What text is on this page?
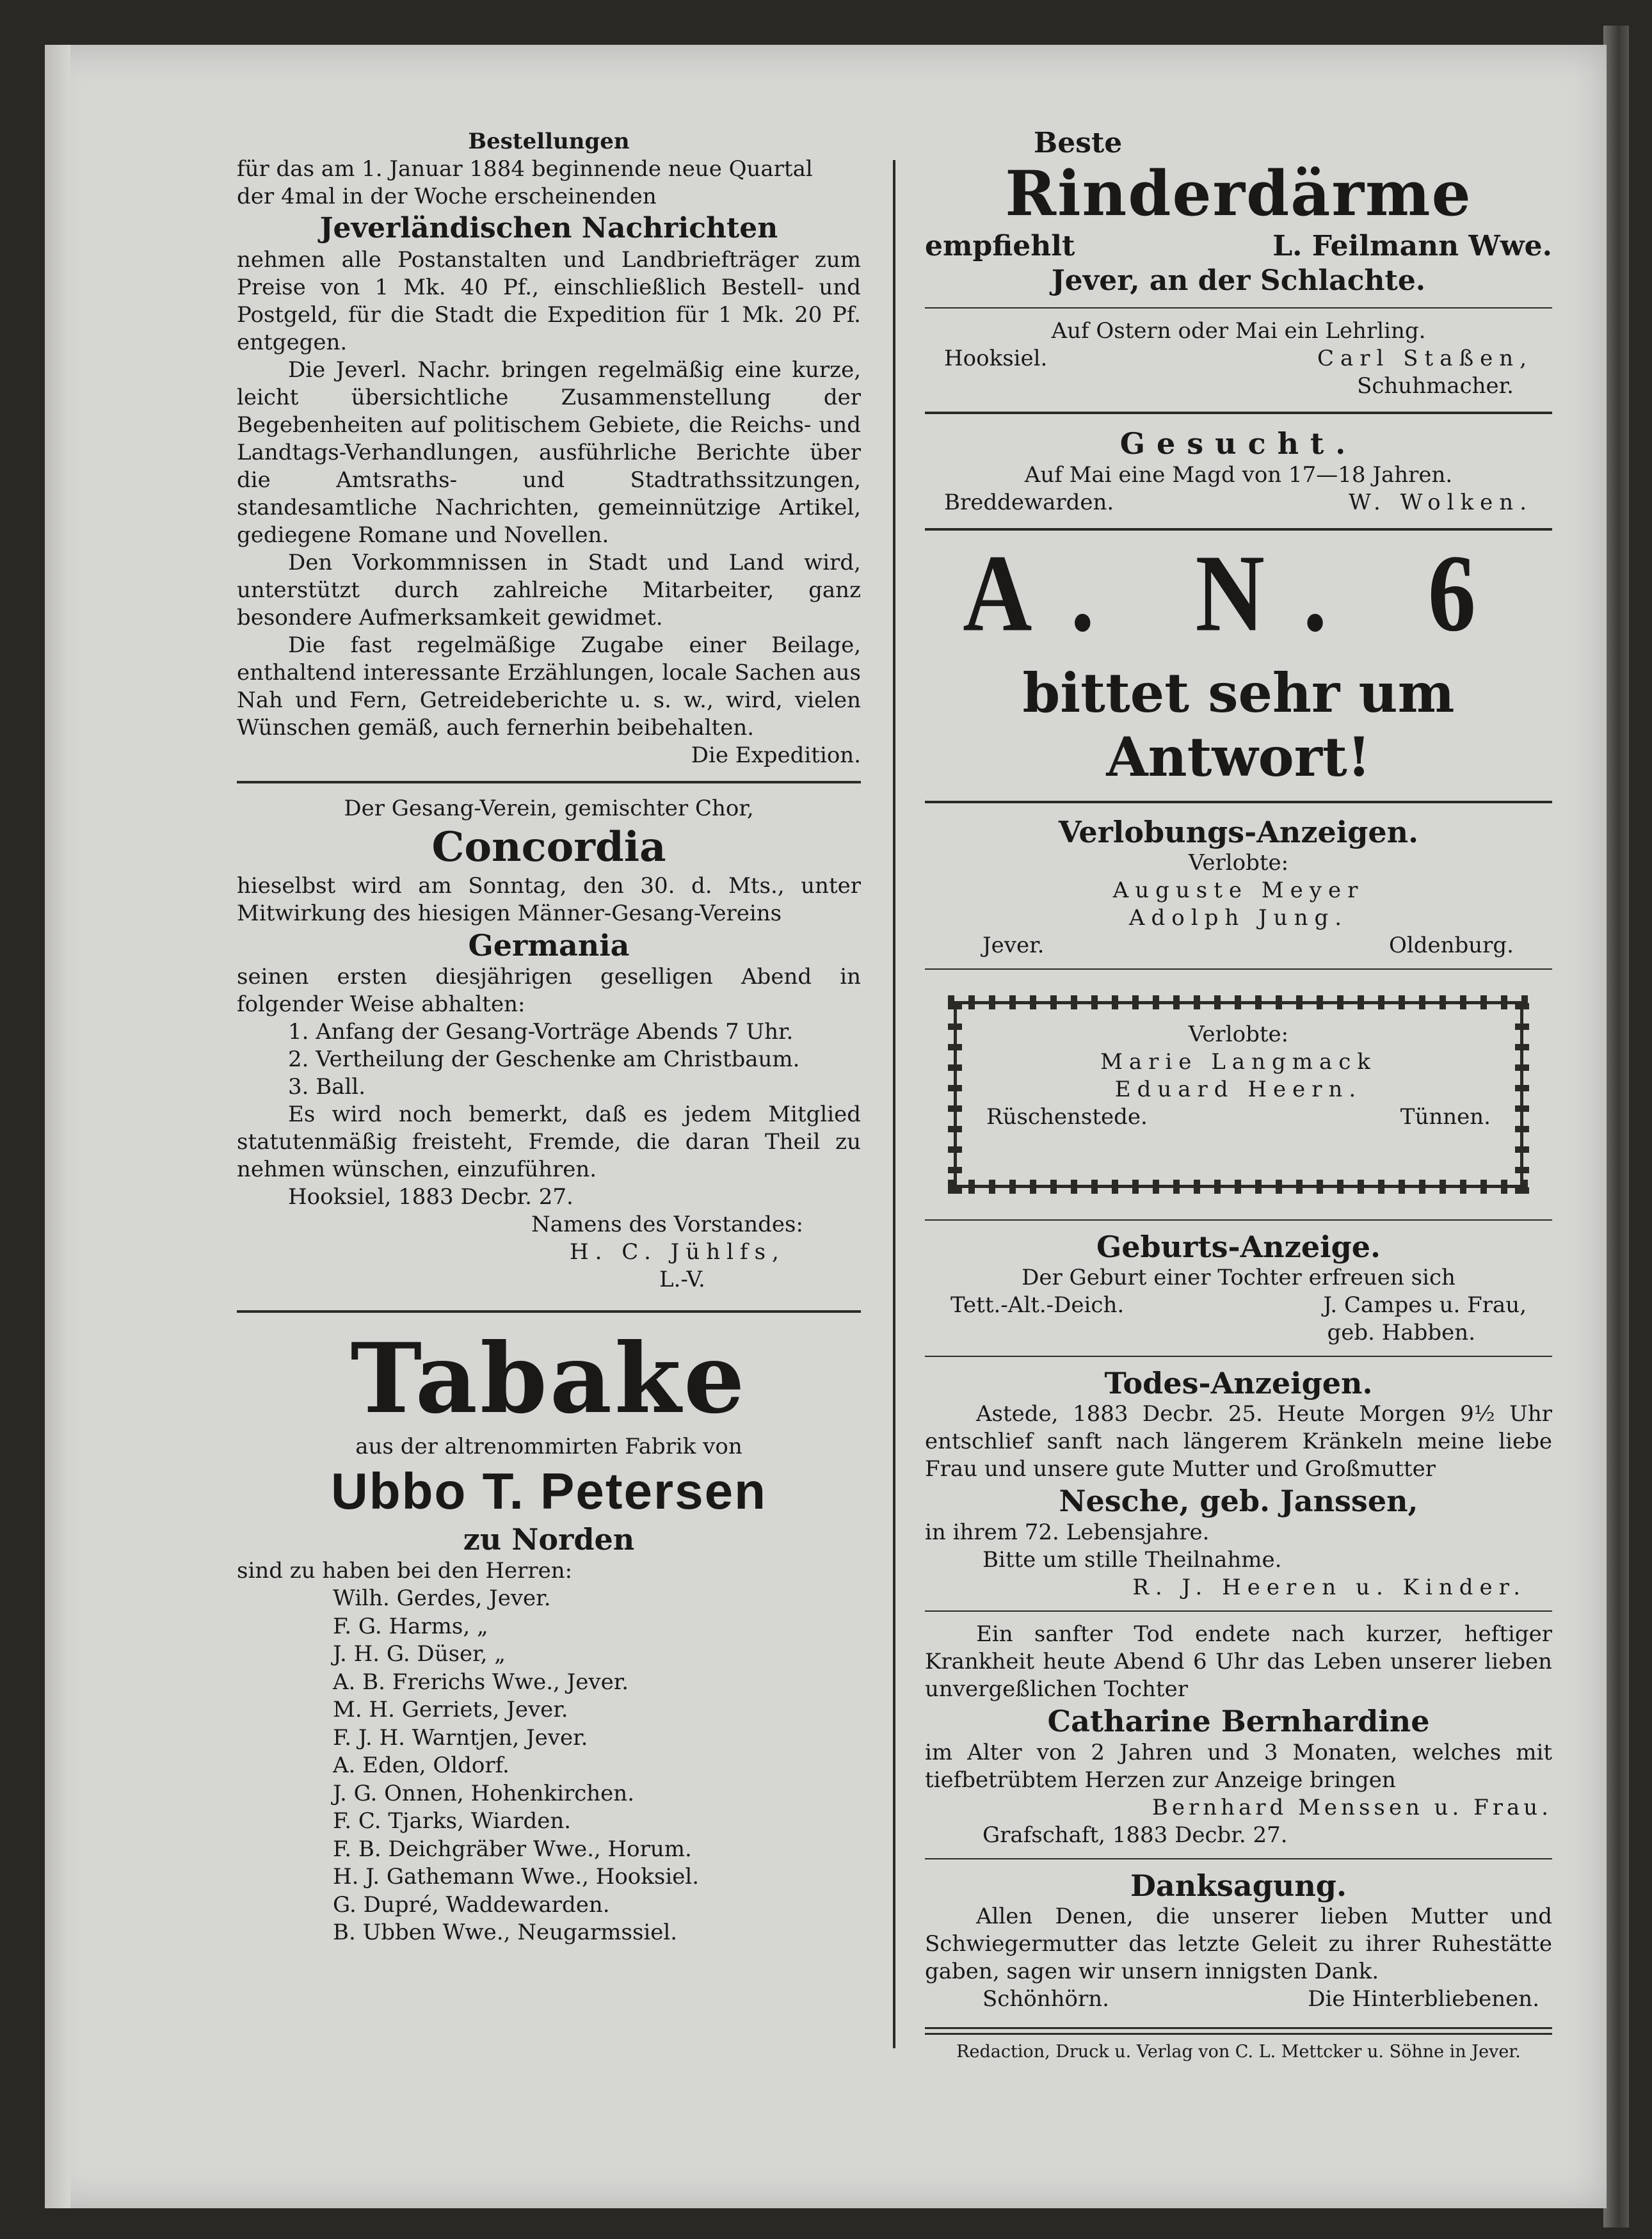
Bestellungen

für das am 1. Januar 1884 beginnende neue Quartal

der 4mal in der Woche erscheinenden

Jeverländischen Nachrichten

nehmen alle Postanstalten und Landbriefträger zum Preise von 1 Mk. 40 Pf., einschließlich Bestell- und Postgeld, für die Stadt die Expedition für 1 Mk. 20 Pf. entgegen.

Die Jeverl. Nachr. bringen regelmäßig eine kurze, leicht übersichtliche Zusammenstellung der Begebenheiten auf politischem Gebiete, die Reichs- und Landtags-Verhandlungen, ausführliche Berichte über die Amtsraths- und Stadtrathssitzungen, standesamtliche Nachrichten, gemeinnützige Artikel, gediegene Romane und Novellen.

Den Vorkommnissen in Stadt und Land wird, unterstützt durch zahlreiche Mitarbeiter, ganz besondere Aufmerksamkeit gewidmet.

Die fast regelmäßige Zugabe einer Beilage, enthaltend interessante Erzählungen, locale Sachen aus Nah und Fern, Getreideberichte u. s. w., wird, vielen Wünschen gemäß, auch fernerhin beibehalten.

Die Expedition.

Der Gesang-Verein, gemischter Chor,

Concordia

hieselbst wird am Sonntag, den 30. d. Mts., unter Mitwirkung des hiesigen Männer-Gesang-Vereins

Germania

seinen ersten diesjährigen geselligen Abend in folgender Weise abhalten:

1. Anfang der Gesang-Vorträge Abends 7 Uhr.

2. Vertheilung der Geschenke am Christbaum.

3. Ball.

Es wird noch bemerkt, daß es jedem Mitglied statutenmäßig freisteht, Fremde, die daran Theil zu nehmen wünschen, einzuführen.

Hooksiel, 1883 Decbr. 27.

Namens des Vorstandes:

H. C. Jühlfs,

L.-V.

Tabake

aus der altrenommirten Fabrik von

Ubbo T. Petersen
zu Norden

sind zu haben bei den Herren:

Wilh. Gerdes, Jever.
F. G. Harms, „
J. H. G. Düser, „
A. B. Frerichs Wwe., Jever.
M. H. Gerriets, Jever.
F. J. H. Warntjen, Jever.
A. Eden, Oldorf.
J. G. Onnen, Hohenkirchen.
F. C. Tjarks, Wiarden.
F. B. Deichgräber Wwe., Horum.
H. J. Gathemann Wwe., Hooksiel.
G. Dupré, Waddewarden.
B. Ubben Wwe., Neugarmssiel.
Beste
Rinderdärme
empfiehlt	L. Feilmann Wwe.
Jever, an der Schlachte.

Auf Ostern oder Mai ein Lehrling.

Hooksiel.	Carl Staßen,

Schuhmacher.

Gesucht.

Auf Mai eine Magd von 17—18 Jahren.

Breddewarden.	W. Wolken.
A. N. 6
bittet sehr um Antwort!
Verlobungs-Anzeigen.

Verlobte:

Auguste Meyer

Adolph Jung.

Jever.	Oldenburg.

Verlobte:

Marie Langmack

Eduard Heern.

Rüschenstede.	Tünnen.
Geburts-Anzeige.

Der Geburt einer Tochter erfreuen sich

Tett.-Alt.-Deich.	J. Campes u. Frau,

geb. Habben.

Todes-Anzeigen.

Astede, 1883 Decbr. 25. Heute Morgen 9½ Uhr entschlief sanft nach längerem Kränkeln meine liebe Frau und unsere gute Mutter und Großmutter

Nesche, geb. Janssen,

in ihrem 72. Lebensjahre.

Bitte um stille Theilnahme.

R. J. Heeren u. Kinder.

Ein sanfter Tod endete nach kurzer, heftiger Krankheit heute Abend 6 Uhr das Leben unserer lieben unvergeßlichen Tochter

Catharine Bernhardine

im Alter von 2 Jahren und 3 Monaten, welches mit tiefbetrübtem Herzen zur Anzeige bringen

Bernhard Menssen u. Frau.

Grafschaft, 1883 Decbr. 27.

Danksagung.

Allen Denen, die unserer lieben Mutter und Schwiegermutter das letzte Geleit zu ihrer Ruhestätte gaben, sagen wir unsern innigsten Dank.

Schönhörn.	Die Hinterbliebenen.

Redaction, Druck u. Verlag von C. L. Mettcker u. Söhne in Jever.
